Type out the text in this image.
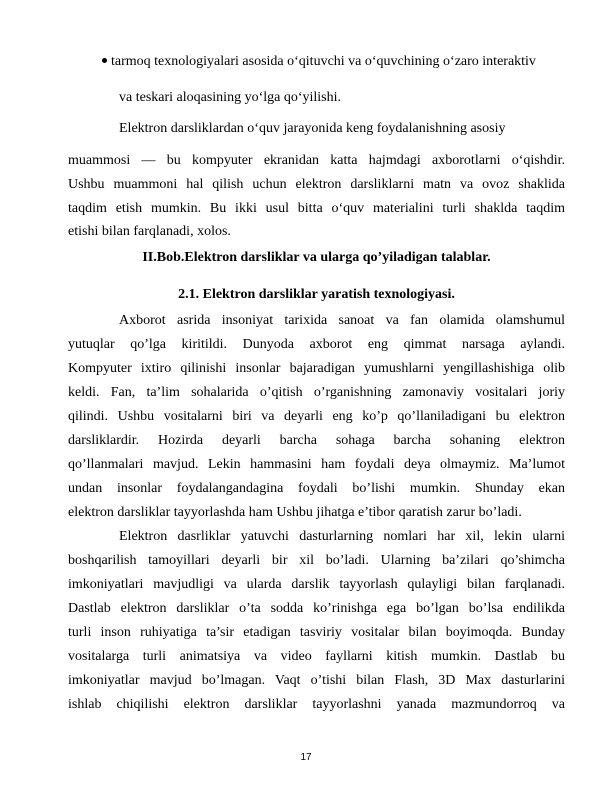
tarmoq texnologiyalari asosida o‘qituvchi va o‘quvchining o‘zaro interaktiv
va teskari aloqasining yo‘lga qo‘yilishi.
Elektron darsliklardan o‘quv jarayonida keng foydalanishning asosiy
muammosi — bu kompyuter ekranidan katta hajmdagi axborotlarni o‘qishdir.
Ushbu muammoni hal qilish uchun elektron darsliklarni matn va ovoz shaklida
taqdim etish mumkin. Bu ikki usul bitta o‘quv materialini turli shaklda taqdim
etishi bilan farqlanadi, xolos.
II.Bob.Elektron darsliklar va ularga qo’yiladigan talablar.
2.1. Elektron darsliklar yaratish texnologiyasi.
Axborot asrida insoniyat tarixida sanoat va fan olamida olamshumul
yutuqlar qo’lga kiritildi. Dunyoda axborot eng qimmat narsaga aylandi.
Kompyuter ixtiro qilinishi insonlar bajaradigan yumushlarni yengillashishiga olib
keldi. Fan, ta’lim sohalarida o’qitish o’rganishning zamonaviy vositalari joriy
qilindi. Ushbu vositalarni biri va deyarli eng ko’p qo’llaniladigani bu elektron
darsliklardir. Hozirda deyarli barcha sohaga barcha sohaning elektron
qo’llanmalari mavjud. Lekin hammasini ham foydali deya olmaymiz. Ma’lumot
undan insonlar foydalangandagina foydali bo’lishi mumkin. Shunday ekan
elektron darsliklar tayyorlashda ham Ushbu jihatga e’tibor qaratish zarur bo’ladi.
Elektron dasrliklar yatuvchi dasturlarning nomlari har xil, lekin ularni
boshqarilish tamoyillari deyarli bir xil bo’ladi. Ularning ba’zilari qo’shimcha
imkoniyatlari mavjudligi va ularda darslik tayyorlash qulayligi bilan farqlanadi.
Dastlab elektron darsliklar o’ta sodda ko’rinishga ega bo’lgan bo’lsa endilikda
turli inson ruhiyatiga ta’sir etadigan tasviriy vositalar bilan boyimoqda. Bunday
vositalarga turli animatsiya va video fayllarni kitish mumkin. Dastlab bu
imkoniyatlar mavjud bo’lmagan. Vaqt o’tishi bilan Flash, 3D Max dasturlarini
ishlab chiqilishi elektron darsliklar tayyorlashni yanada mazmundorroq va
17
